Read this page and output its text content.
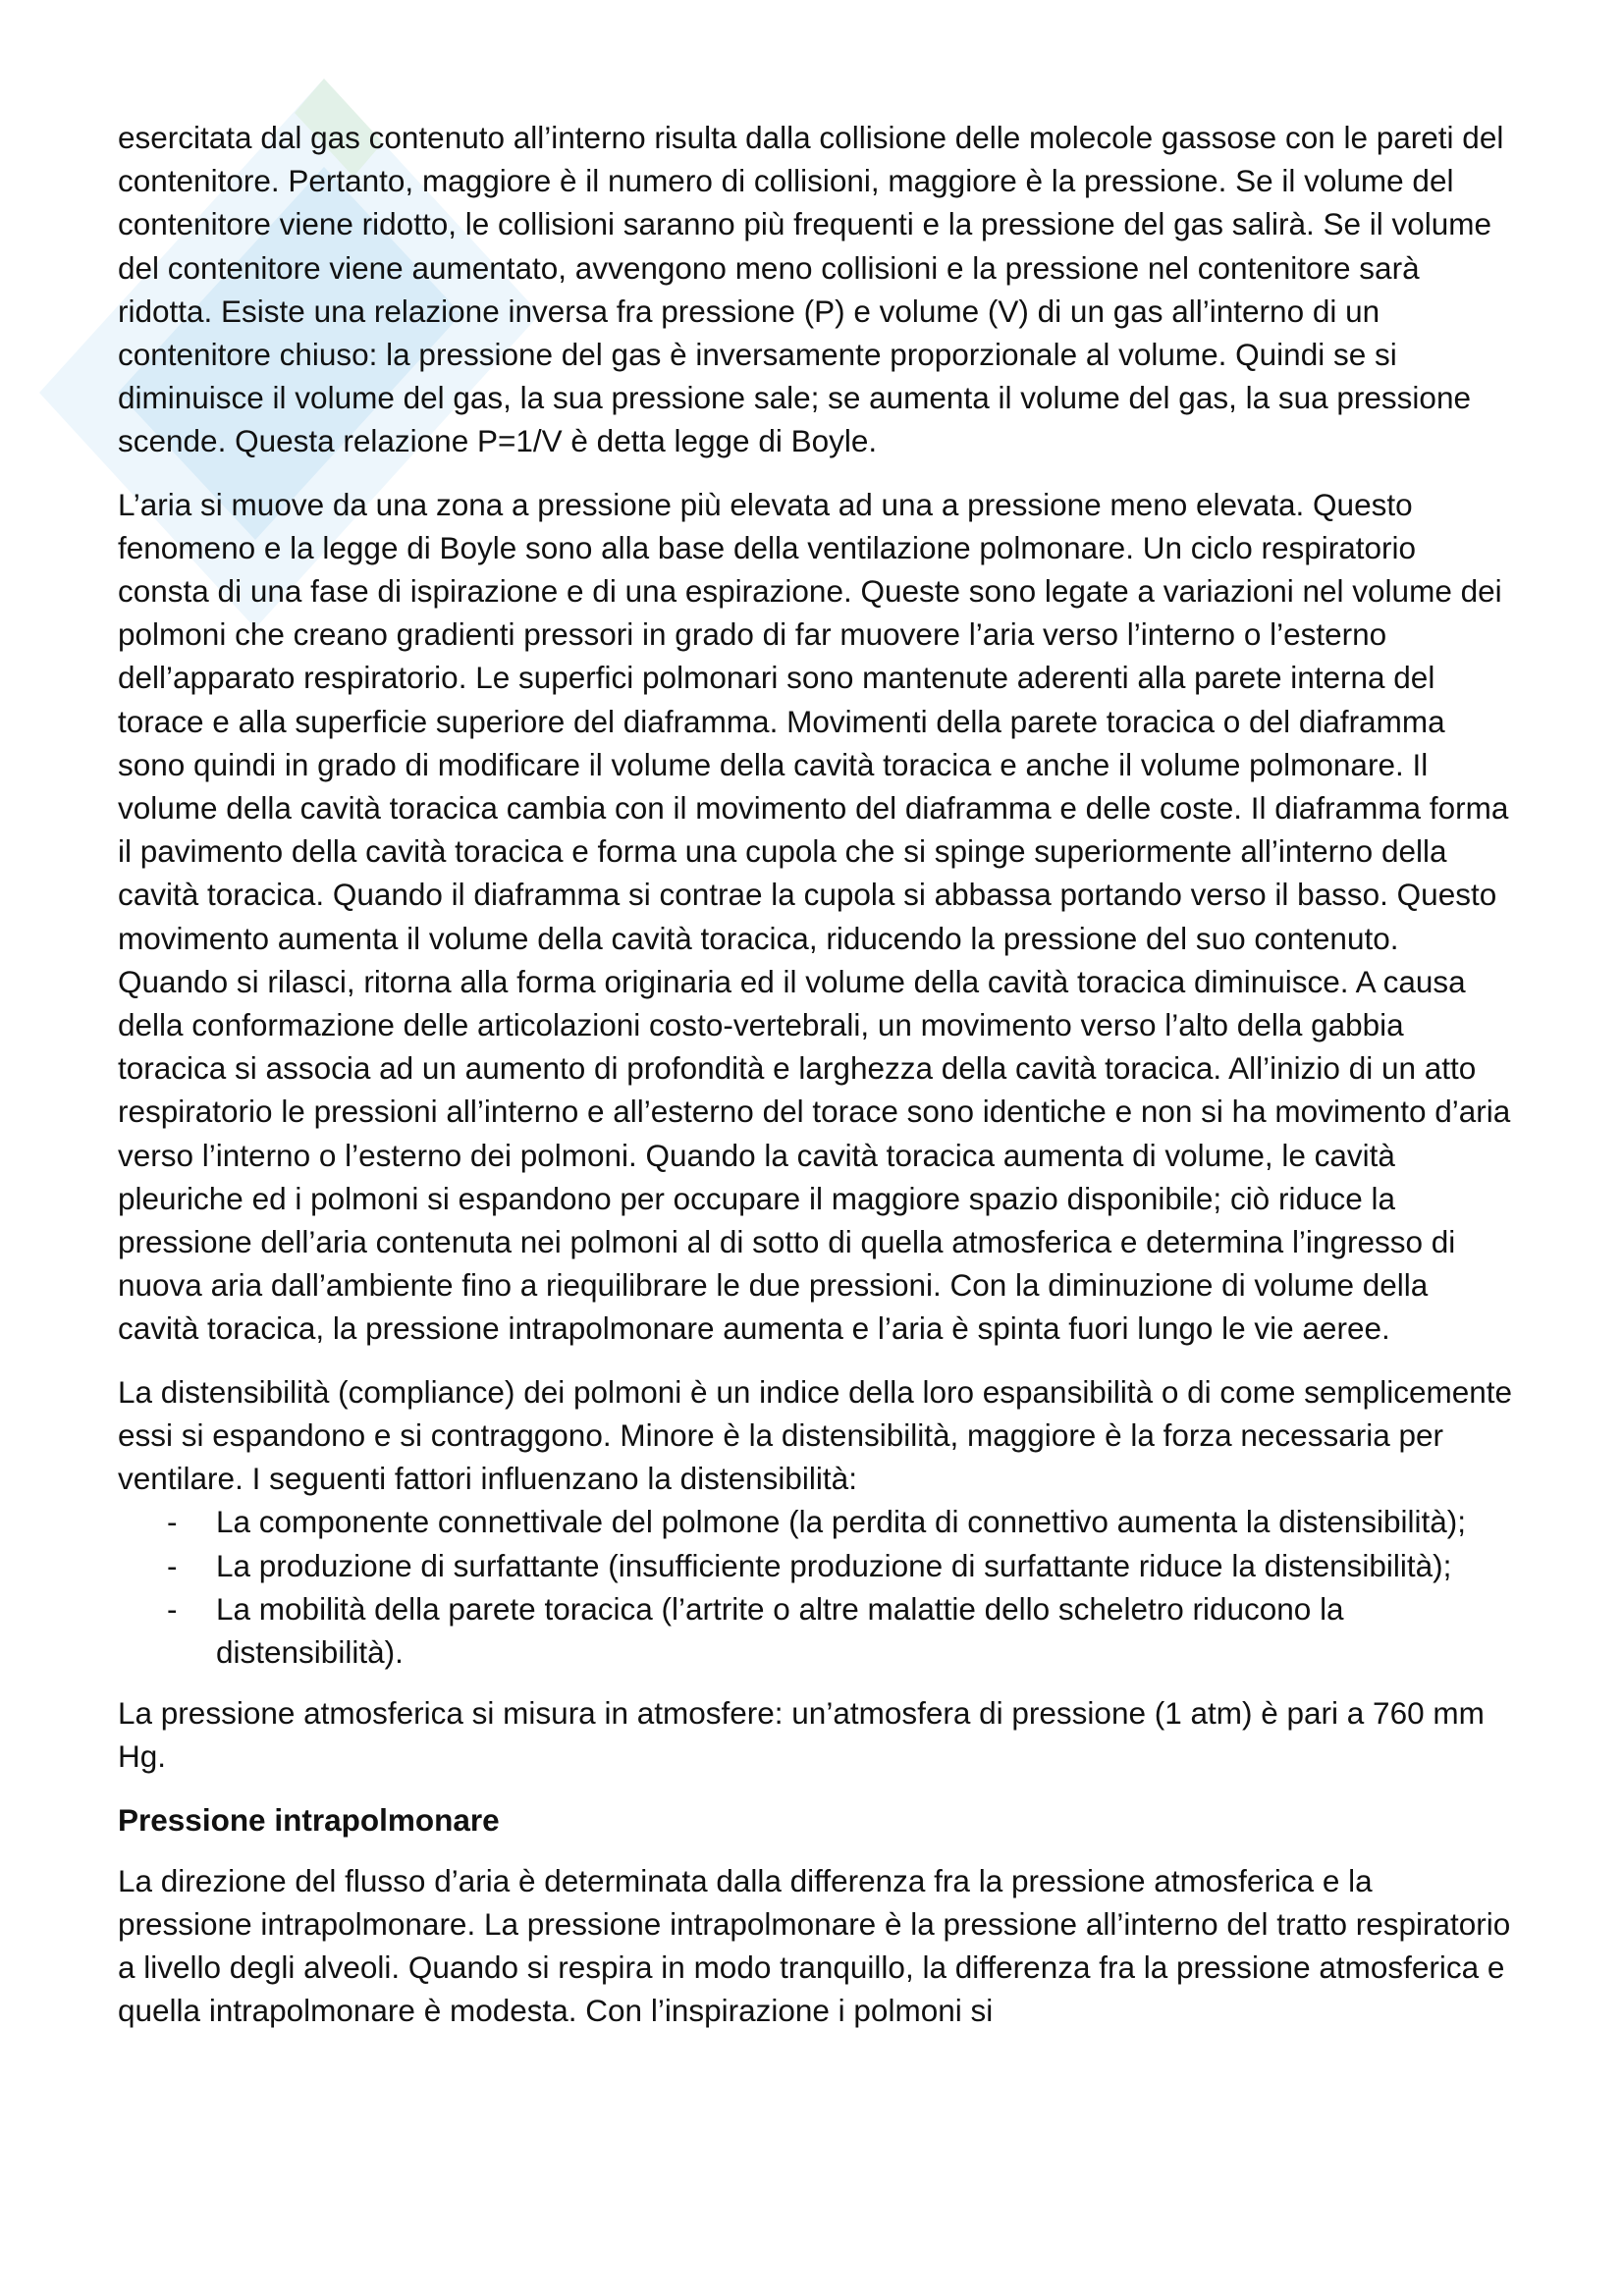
esercitata dal gas contenuto all’interno risulta dalla collisione delle molecole gassose con le pareti del contenitore. Pertanto, maggiore è il numero di collisioni, maggiore è la pressione. Se il volume del contenitore viene ridotto, le collisioni saranno più frequenti e la pressione del gas salirà. Se il volume del contenitore viene aumentato, avvengono meno collisioni e la pressione nel contenitore sarà ridotta. Esiste una relazione inversa fra pressione (P) e volume (V) di un gas all’interno di un contenitore chiuso: la pressione del gas è inversamente proporzionale al volume. Quindi se si diminuisce il volume del gas, la sua pressione sale; se aumenta il volume del gas, la sua pressione scende. Questa relazione P=1/V è detta legge di Boyle.

L’aria si muove da una zona a pressione più elevata ad una a pressione meno elevata. Questo fenomeno e la legge di Boyle sono alla base della ventilazione polmonare. Un ciclo respiratorio consta di una fase di ispirazione e di una espirazione. Queste sono legate a variazioni nel volume dei polmoni che creano gradienti pressori in grado di far muovere l’aria verso l’interno o l’esterno dell’apparato respiratorio. Le superfici polmonari sono mantenute aderenti alla parete interna del torace e alla superficie superiore del diaframma. Movimenti della parete toracica o del diaframma sono quindi in grado di modificare il volume della cavità toracica e anche il volume polmonare. Il volume della cavità toracica cambia con il movimento del diaframma e delle coste. Il diaframma forma il pavimento della cavità toracica e forma una cupola che si spinge superiormente all’interno della cavità toracica. Quando il diaframma si contrae la cupola si abbassa portando verso il basso. Questo movimento aumenta il volume della cavità toracica, riducendo la pressione del suo contenuto. Quando si rilasci, ritorna alla forma originaria ed il volume della cavità toracica diminuisce. A causa della conformazione delle articolazioni costo-vertebrali, un movimento verso l’alto della gabbia toracica si associa ad un aumento di profondità e larghezza della cavità toracica. All’inizio di un atto respiratorio le pressioni all’interno e all’esterno del torace sono identiche e non si ha movimento d’aria verso l’interno o l’esterno dei polmoni. Quando la cavità toracica aumenta di volume, le cavità pleuriche ed i polmoni si espandono per occupare il maggiore spazio disponibile; ciò riduce la pressione dell’aria contenuta nei polmoni al di sotto di quella atmosferica e determina l’ingresso di nuova aria dall’ambiente fino a riequilibrare le due pressioni. Con la diminuzione di volume della cavità toracica, la pressione intrapolmonare aumenta e l’aria è spinta fuori lungo le vie aeree.

La distensibilità (compliance) dei polmoni è un indice della loro espansibilità o di come semplicemente essi si espandono e si contraggono. Minore è la distensibilità, maggiore è la forza necessaria per ventilare. I seguenti fattori influenzano la distensibilità:

- La componente connettivale del polmone (la perdita di connettivo aumenta la distensibilità);
- La produzione di surfattante (insufficiente produzione di surfattante riduce la distensibilità);
- La mobilità della parete toracica (l’artrite o altre malattie dello scheletro riducono la distensibilità).

La pressione atmosferica si misura in atmosfere: un’atmosfera di pressione (1 atm) è pari a 760 mm Hg.

Pressione intrapolmonare

La direzione del flusso d’aria è determinata dalla differenza fra la pressione atmosferica e la pressione intrapolmonare. La pressione intrapolmonare è la pressione all’interno del tratto respiratorio a livello degli alveoli. Quando si respira in modo tranquillo, la differenza fra la pressione atmosferica e quella intrapolmonare è modesta. Con l’inspirazione i polmoni si
